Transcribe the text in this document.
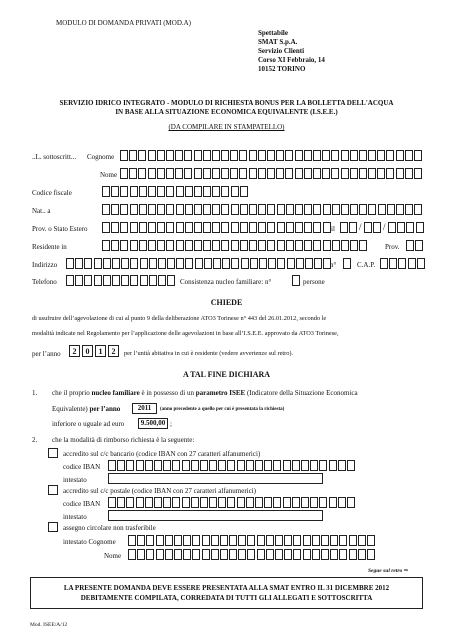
MODULO DI DOMANDA PRIVATI (MOD.A)
Spettabile
SMAT S.p.A.
Servizio Clienti
Corso XI Febbraio, 14
10152 TORINO
SERVIZIO IDRICO INTEGRATO - MODULO DI RICHIESTA BONUS PER LA BOLLETTA DELL'ACQUA
IN BASE ALLA SITUAZIONE ECONOMICA EQUIVALENTE (I.S.E.E.)
(DA COMPILARE IN STAMPATELLO)
..L. sottoscritt... Cognome
Nome
Codice fiscale
Nat.. a
Prov. o Stato Estero	il	/ /
Residente in	Prov.
Indirizzo	n°	C.A.P.
Telefono	Consistenza nucleo familiare: n°	persone
CHIEDE
di usufruire dell’agevolazione di cui al punto 9 della deliberazione ATO3 Torinese n° 443 del 26.01.2012, secondo le
modalità indicate nel Regolamento per l’applicazione delle agevolazioni in base all’I.S.E.E. approvato da ATO3 Torinese,
per l’anno	2	0	1	2	per l’unità abitativa in cui è residente (vedere avvertenze sul retro).
A TAL FINE DICHIARA
1. che il proprio nucleo familiare è in possesso di un parametro ISEE (Indicatore della Situazione Economica
Equivalente) per l’anno	2011	(anno precedente a quello per cui è presentata la richiesta)
inferiore o uguale ad euro	9.500,00 ;
2. che la modalità di rimborso richiesta è la seguente:
accredito sul c/c bancario (codice IBAN con 27 caratteri alfanumerici)
codice IBAN
intestato
accredito sul c/c postale (codice IBAN con 27 caratteri alfanumerici)
codice IBAN
intestato
assegno circolare non trasferibile
intestato Cognome
Nome
Segue sul retro ⇒
LA PRESENTE DOMANDA DEVE ESSERE PRESENTATA ALLA SMAT ENTRO IL 31 DICEMBRE 2012
DEBITAMENTE COMPILATA, CORREDATA DI TUTTI GLI ALLEGATI E SOTTOSCRITTA
Mod. ISEE/A/12
